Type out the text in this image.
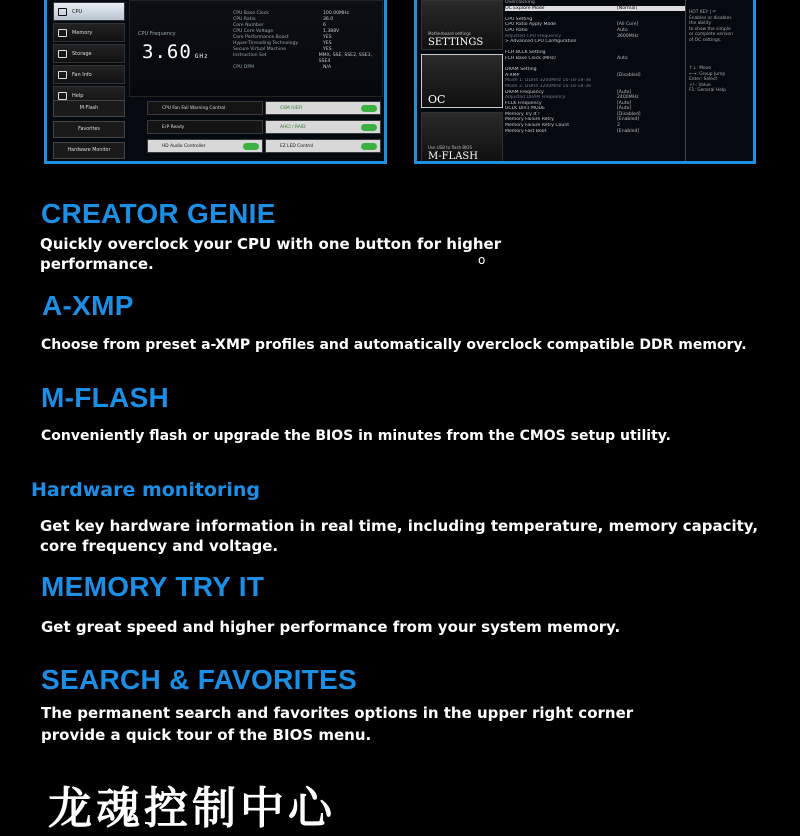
CPU
Memory
Storage
Fan Info
Help
CPU Frequency
3.60 GHz
CPU Base Clock	100.00MHz
CPU Ratio	36.0
Core Number	6
CPU Core Voltage	1.388V
Core Performance Boost	YES
Hyper-Threading Technology	YES
Secure Virtual Machine	YES
Instruction Set	MMX, SSE, SSE2, SSE3, SSE4
CPU DPM	N/A
M-Flash
Favorites
Hardware Monitor
CPU Fan Fail Warning Control	CSM /UEFI
ErP Ready	AHCI / RAID
HD Audio Controller	EZ LED Control
Motherboard settings
SETTINGS
OC
Use USB to flash BIOS
M-FLASH
Overclocking
OC Explore Mode	[Normal]
CPU Setting
CPU Ratio Apply Mode	[All Core]
CPU Ratio	Auto
Adjusted CPU Frequency	3600MHz
> Advanced CPU Configuration
FCH BCLK Setting
FCH Base Clock (MHz)	Auto
DRAM Setting
A-XMP	[Disabled]
Mode 1: DDR4 3200MHz 16-18-18-38
Mode 2: DDR4 3200MHz 16-18-18-38
DRAM Frequency	[Auto]
Adjusted DRAM Frequency	2400MHz
FCLK Frequency	[Auto]
UCLK DIV1 MODE	[Auto]
Memory Try It !	[Disabled]
Memory Failure Retry	[Enabled]
Memory Failure Retry Count	2
Memory Fast Boot	[Enabled]
HOT KEY | ↶
Enables or disables
the ability
to show the simple
or complete version
of OC settings.

↑↓: Move
←→: Group Jump
Enter: Select
+/-: Value
F1: General Help
CREATOR GENIE

Quickly overclock your CPU with one button for higher
performance.	o
A-XMP

Choose from preset a-XMP profiles and automatically overclock compatible DDR memory.

M-FLASH

Conveniently flash or upgrade the BIOS in minutes from the CMOS setup utility.

Hardware monitoring

Get key hardware information in real time, including temperature, memory capacity,
core frequency and voltage.

MEMORY TRY IT

Get great speed and higher performance from your system memory.

SEARCH & FAVORITES

The permanent search and favorites options in the upper right corner
provide a quick tour of the BIOS menu.

龙魂控制中心
